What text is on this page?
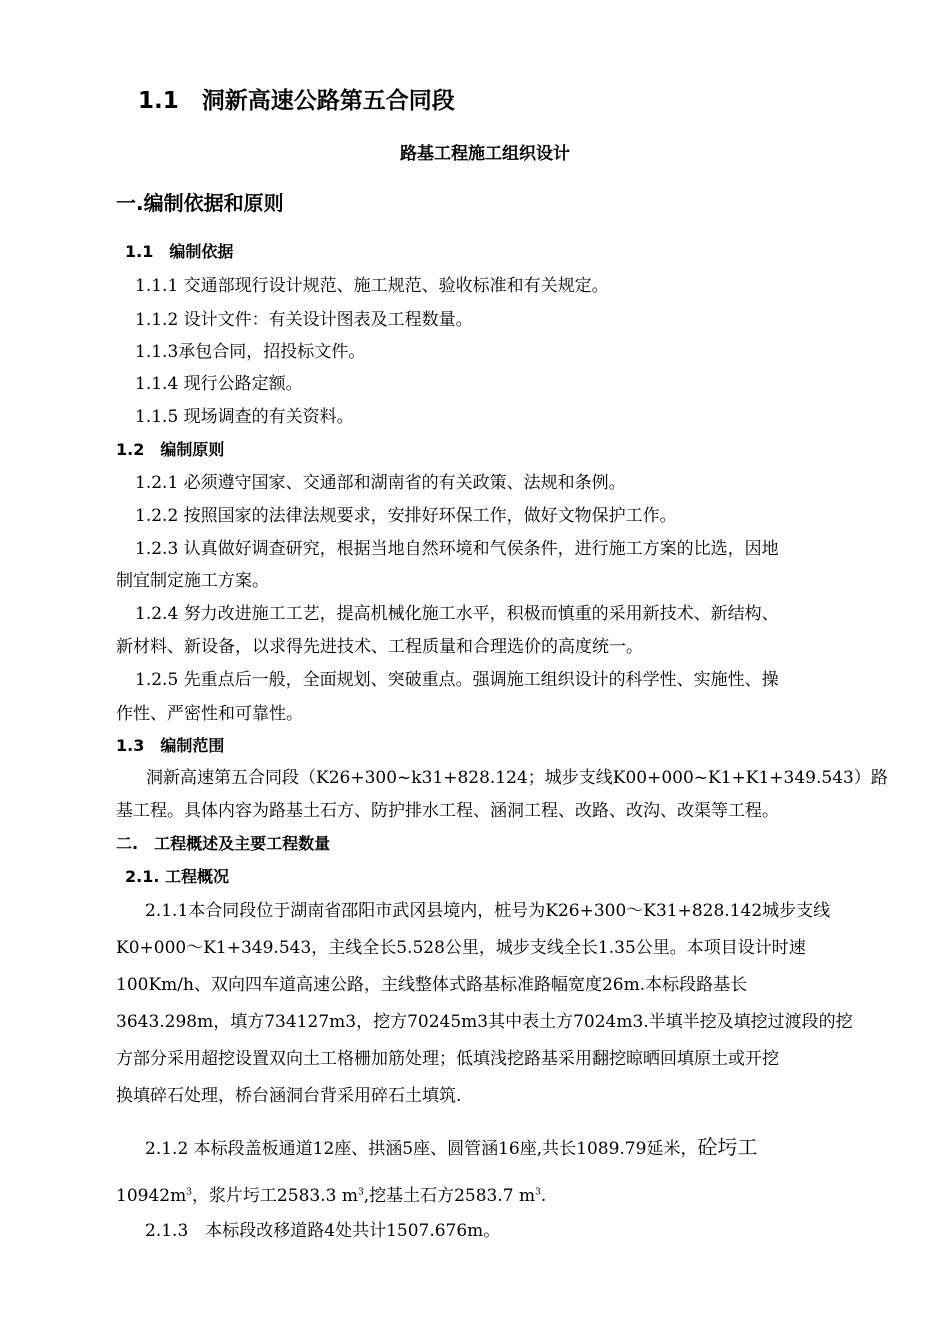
1.1　洞新高速公路第五合同段
路基工程施工组织设计
一.编制依据和原则
1.1　编制依据
1.1.1 交通部现行设计规范、施工规范、验收标准和有关规定。
1.1.2 设计文件：有关设计图表及工程数量。
1.1.3承包合同，招投标文件。
1.1.4 现行公路定额。
1.1.5 现场调查的有关资料。
1.2　编制原则
1.2.1 必须遵守国家、交通部和湖南省的有关政策、法规和条例。
1.2.2 按照国家的法律法规要求，安排好环保工作，做好文物保护工作。
1.2.3 认真做好调查研究，根据当地自然环境和气侯条件，进行施工方案的比选，因地
制宜制定施工方案。
1.2.4 努力改进施工工艺，提高机械化施工水平，积极而慎重的采用新技术、新结构、
新材料、新设备，以求得先进技术、工程质量和合理选价的高度统一。
1.2.5 先重点后一般，全面规划、突破重点。强调施工组织设计的科学性、实施性、操
作性、严密性和可靠性。
1.3　编制范围
洞新高速第五合同段（K26+300~k31+828.124；城步支线K00+000~K1+K1+349.543）路
基工程。具体内容为路基土石方、防护排水工程、涵洞工程、改路、改沟、改渠等工程。
二.　工程概述及主要工程数量
2.1. 工程概况
2.1.1本合同段位于湖南省邵阳市武冈县境内，桩号为K26+300～K31+828.142城步支线
K0+000～K1+349.543，主线全长5.528公里，城步支线全长1.35公里。本项目设计时速
100Km/h、双向四车道高速公路，主线整体式路基标准路幅宽度26m.本标段路基长
3643.298m，填方734127m3，挖方70245m3其中表土方7024m3.半填半挖及填挖过渡段的挖
方部分采用超挖设置双向土工格栅加筋处理；低填浅挖路基采用翻挖晾晒回填原土或开挖
换填碎石处理，桥台涵洞台背采用碎石土填筑.
2.1.2 本标段盖板通道12座、拱涵5座、圆管涵16座,共长1089.79延米，砼圬工
$10942m^3$，浆片圬工2583.3 $m^3$,挖基土石方2583.7 $m^3$.
2.1.3　本标段改移道路4处共计1507.676m。
